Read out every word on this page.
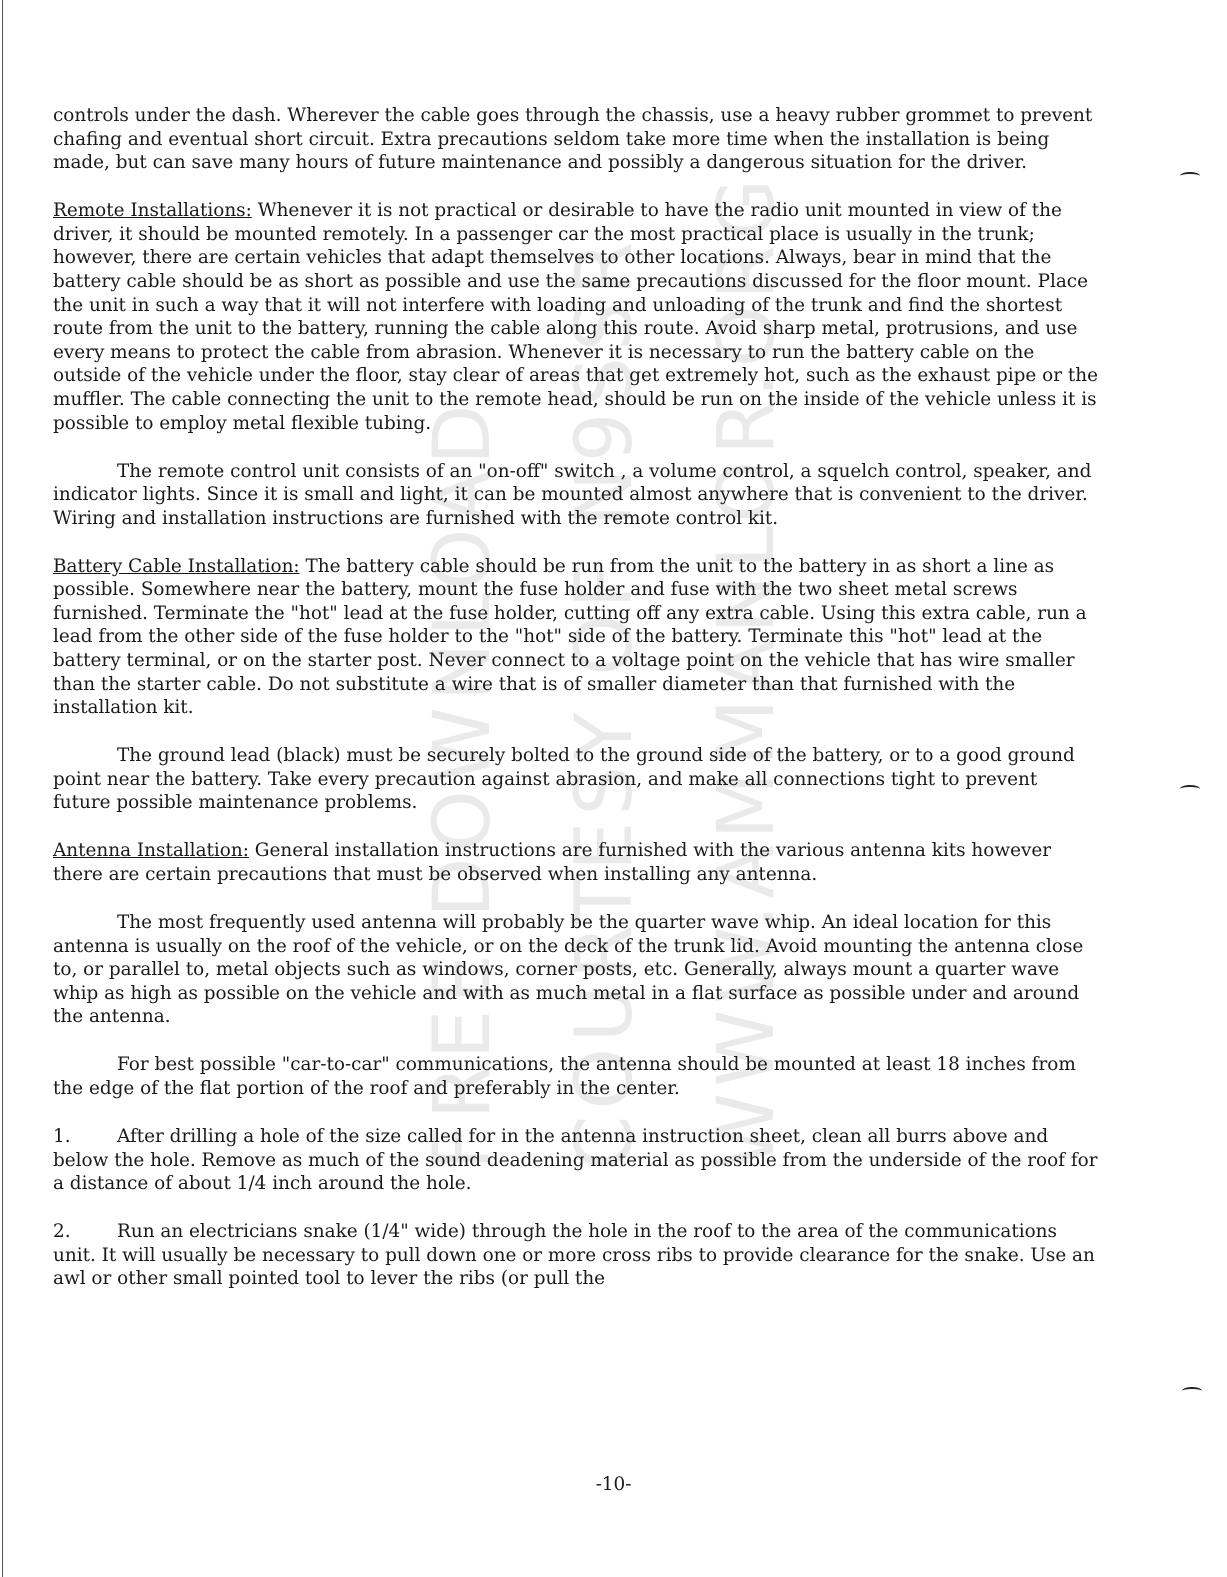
FREE DOWNLOAD COURTESY OF N9SSR WWW.AMMANLOR.ORG

controls under the dash. Wherever the cable goes through the chassis, use a heavy rubber grommet to prevent chafing and eventual short circuit. Extra precautions seldom take more time when the installation is being made, but can save many hours of future maintenance and possibly a dangerous situation for the driver.

Remote Installations: Whenever it is not practical or desirable to have the radio unit mounted in view of the driver, it should be mounted remotely. In a passenger car the most practical place is usually in the trunk; however, there are certain vehicles that adapt themselves to other locations. Always, bear in mind that the battery cable should be as short as possible and use the same precautions discussed for the floor mount. Place the unit in such a way that it will not interfere with loading and unloading of the trunk and find the shortest route from the unit to the battery, running the cable along this route. Avoid sharp metal, protrusions, and use every means to protect the cable from abrasion. Whenever it is necessary to run the battery cable on the outside of the vehicle under the floor, stay clear of areas that get extremely hot, such as the exhaust pipe or the muffler. The cable connecting the unit to the remote head, should be run on the inside of the vehicle unless it is possible to employ metal flexible tubing.

The remote control unit consists of an "on-off" switch , a volume control, a squelch control, speaker, and indicator lights. Since it is small and light, it can be mounted almost anywhere that is convenient to the driver. Wiring and installation instructions are furnished with the remote control kit.

Battery Cable Installation: The battery cable should be run from the unit to the battery in as short a line as possible. Somewhere near the battery, mount the fuse holder and fuse with the two sheet metal screws furnished. Terminate the "hot" lead at the fuse holder, cutting off any extra cable. Using this extra cable, run a lead from the other side of the fuse holder to the "hot" side of the battery. Terminate this "hot" lead at the battery terminal, or on the starter post. Never connect to a voltage point on the vehicle that has wire smaller than the starter cable. Do not substitute a wire that is of smaller diameter than that furnished with the installation kit.

The ground lead (black) must be securely bolted to the ground side of the battery, or to a good ground point near the battery. Take every precaution against abrasion, and make all connections tight to prevent future possible maintenance problems.

Antenna Installation: General installation instructions are furnished with the various antenna kits however there are certain precautions that must be observed when installing any antenna.

The most frequently used antenna will probably be the quarter wave whip. An ideal location for this antenna is usually on the roof of the vehicle, or on the deck of the trunk lid. Avoid mounting the antenna close to, or parallel to, metal objects such as windows, corner posts, etc. Generally, always mount a quarter wave whip as high as possible on the vehicle and with as much metal in a flat surface as possible under and around the antenna.

For best possible "car-to-car" communications, the antenna should be mounted at least 18 inches from the edge of the flat portion of the roof and preferably in the center.

1.	After drilling a hole of the size called for in the antenna instruction sheet, clean all burrs above and below the hole. Remove as much of the sound deadening material as possible from the underside of the roof for a distance of about 1/4 inch around the hole.

2.	Run an electricians snake (1/4" wide) through the hole in the roof to the area of the communications unit. It will usually be necessary to pull down one or more cross ribs to provide clearance for the snake. Use an awl or other small pointed tool to lever the ribs (or pull the

-10-
